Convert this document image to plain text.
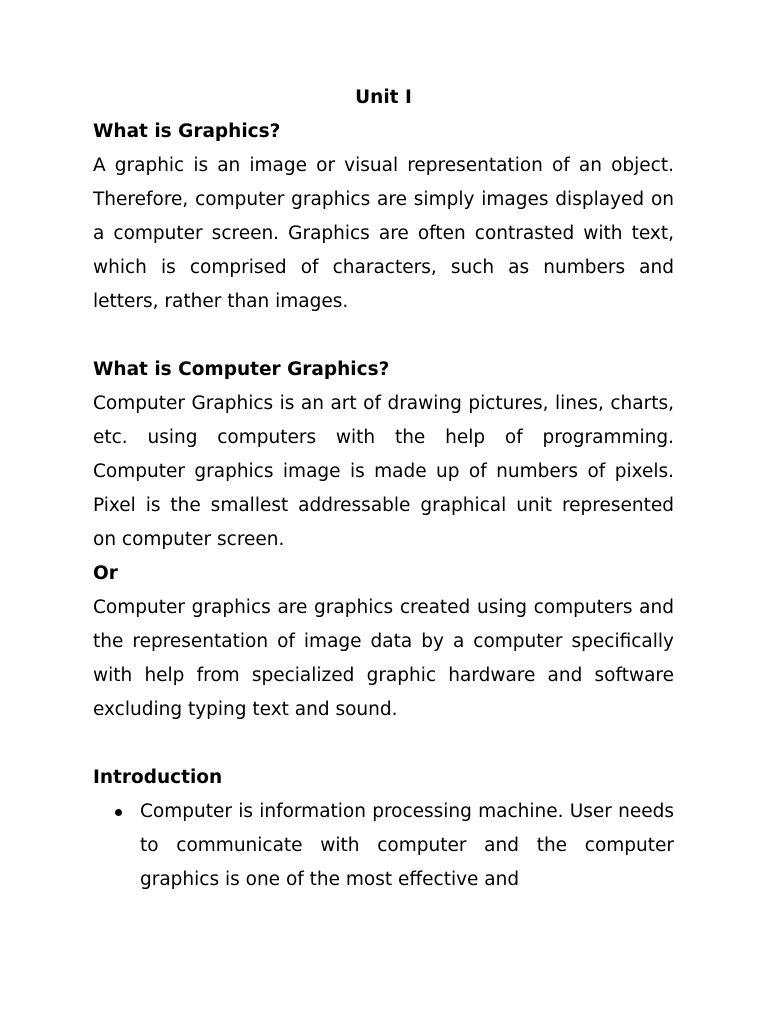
Unit I

What is Graphics?

A graphic is an image or visual representation of an object. Therefore, computer graphics are simply images displayed on a computer screen. Graphics are often contrasted with text, which is comprised of characters, such as numbers and letters, rather than images.

What is Computer Graphics?

Computer Graphics is an art of drawing pictures, lines, charts, etc. using computers with the help of programming. Computer graphics image is made up of numbers of pixels. Pixel is the smallest addressable graphical unit represented on computer screen.

Or

Computer graphics are graphics created using computers and the representation of image data by a computer specifically with help from specialized graphic hardware and software excluding typing text and sound.

Introduction

Computer is information processing machine. User needs to communicate with computer and the computer graphics is one of the most effective and
